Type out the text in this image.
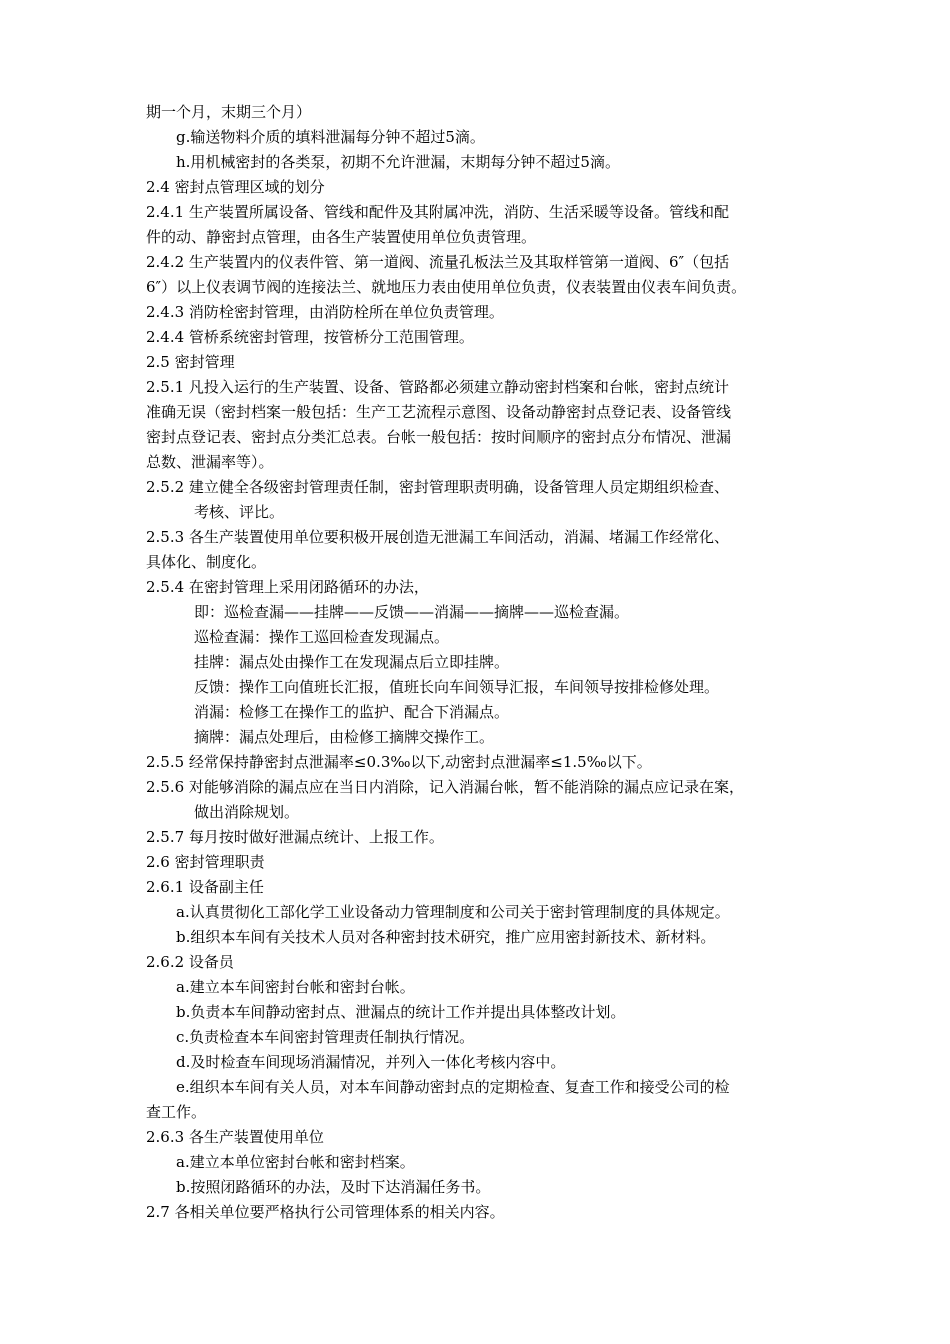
期一个月，末期三个月）
g.输送物料介质的填料泄漏每分钟不超过5滴。
h.用机械密封的各类泵，初期不允许泄漏，末期每分钟不超过5滴。
2.4 密封点管理区域的划分
2.4.1 生产装置所属设备、管线和配件及其附属冲洗，消防、生活采暖等设备。管线和配
件的动、静密封点管理，由各生产装置使用单位负责管理。
2.4.2 生产装置内的仪表件管、第一道阀、流量孔板法兰及其取样管第一道阀、6″（包括
6″）以上仪表调节阀的连接法兰、就地压力表由使用单位负责，仪表装置由仪表车间负责。
2.4.3 消防栓密封管理，由消防栓所在单位负责管理。
2.4.4 管桥系统密封管理，按管桥分工范围管理。
2.5 密封管理
2.5.1 凡投入运行的生产装置、设备、管路都必须建立静动密封档案和台帐，密封点统计
准确无误（密封档案一般包括：生产工艺流程示意图、设备动静密封点登记表、设备管线
密封点登记表、密封点分类汇总表。台帐一般包括：按时间顺序的密封点分布情况、泄漏
总数、泄漏率等）。
2.5.2 建立健全各级密封管理责任制，密封管理职责明确，设备管理人员定期组织检查、
考核、评比。
2.5.3 各生产装置使用单位要积极开展创造无泄漏工车间活动，消漏、堵漏工作经常化、
具体化、制度化。
2.5.4 在密封管理上采用闭路循环的办法，
即：巡检查漏——挂牌——反馈——消漏——摘牌——巡检查漏。
巡检查漏：操作工巡回检查发现漏点。
挂牌：漏点处由操作工在发现漏点后立即挂牌。
反馈：操作工向值班长汇报，值班长向车间领导汇报，车间领导按排检修处理。
消漏：检修工在操作工的监护、配合下消漏点。
摘牌：漏点处理后，由检修工摘牌交操作工。
2.5.5 经常保持静密封点泄漏率≤0.3‰以下,动密封点泄漏率≤1.5‰以下。
2.5.6 对能够消除的漏点应在当日内消除，记入消漏台帐，暂不能消除的漏点应记录在案，
做出消除规划。
2.5.7 每月按时做好泄漏点统计、上报工作。
2.6 密封管理职责
2.6.1 设备副主任
a.认真贯彻化工部化学工业设备动力管理制度和公司关于密封管理制度的具体规定。
b.组织本车间有关技术人员对各种密封技术研究，推广应用密封新技术、新材料。
2.6.2 设备员
a.建立本车间密封台帐和密封台帐。
b.负责本车间静动密封点、泄漏点的统计工作并提出具体整改计划。
c.负责检查本车间密封管理责任制执行情况。
d.及时检查车间现场消漏情况，并列入一体化考核内容中。
e.组织本车间有关人员，对本车间静动密封点的定期检查、复查工作和接受公司的检
查工作。
2.6.3 各生产装置使用单位
a.建立本单位密封台帐和密封档案。
b.按照闭路循环的办法，及时下达消漏任务书。
2.7 各相关单位要严格执行公司管理体系的相关内容。
